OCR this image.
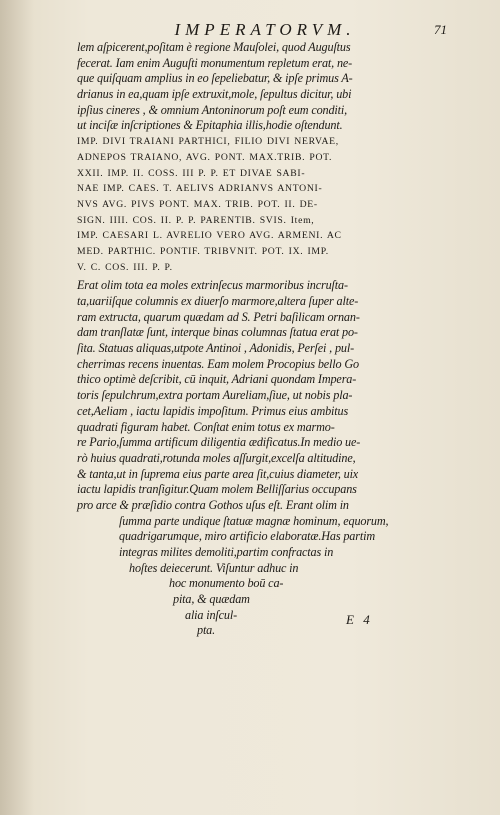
IMPERATORVM.	71
lem aſpicerent,poſitam è regione Mauſolei, quod Auguſtus
fecerat. Iam enim Auguſti monumentum repletum erat, ne-
que quiſquam amplius in eo ſepeliebatur, & ipſe primus A-
drianus in ea,quam ipſe extruxit,mole, ſepultus dicitur, ubi
ipſius cineres , & omnium Antoninorum poſt eum conditi,
ut inciſæ inſcriptiones & Epitaphia illis,hodie oſtendunt.
IMP. DIVI TRAIANI PARTHICI, FILIO DIVI NERVAE,
ADNEPOS TRAIANO, AVG. PONT. MAX.TRIB. POT.
XXII. IMP. II. COSS. III P. P. ET DIVAE SABI-
NAE IMP. CAES. T. AELIVS ADRIANVS ANTONI-
NVS AVG. PIVS PONT. MAX. TRIB. POT. II. DE-
SIGN. IIII. COS. II. P. P. PARENTIB. SVIS. Item,
IMP. CAESARI L. AVRELIO VERO AVG. ARMENI. AC
MED. PARTHIC. PONTIF. TRIBVNIT. POT. IX. IMP.
V. C. COS. III. P. P.
Erat olim tota ea moles extrinſecus marmoribus incruſta-
ta,uariiſque columnis ex diuerſo marmore,altera ſuper alte-
ram extructa, quarum quædam ad S. Petri baſilicam ornan-
dam tranſlatæ ſunt, interque binas columnas ſtatua erat po-
ſita. Statuas aliquas,utpote Antinoi , Adonidis, Perſei , pul-
cherrimas recens inuentas. Eam molem Procopius bello Go
thico optimè deſcribit, cū inquit, Adriani quondam Impera-
toris ſepulchrum,extra portam Aureliam,ſiue, ut nobis pla-
cet,Aeliam , iactu lapidis impoſitum. Primus eius ambitus
quadrati figuram habet. Conſtat enim totus ex marmo-
re Pario,ſumma artificum diligentia ædificatus.In medio ue-
rò huius quadrati,rotunda moles aſſurgit,excelſa altitudine,
& tanta,ut in ſuprema eius parte area ſit,cuius diameter, uix
iactu lapidis tranſigitur.Quam molem Belliſſarius occupans
pro arce & præſidio contra Gothos uſus eſt. Erant olim in
ſumma parte undique ſtatuæ magnæ hominum, equorum,
quadrigarumque, miro artificio elaboratæ.Has partim
integras milites demoliti,partim confractas in
hoſtes deiecerunt. Viſuntur adhuc in
hoc monumento boū ca-
pita, & quædam
alia inſcul-
pta.
E 4
